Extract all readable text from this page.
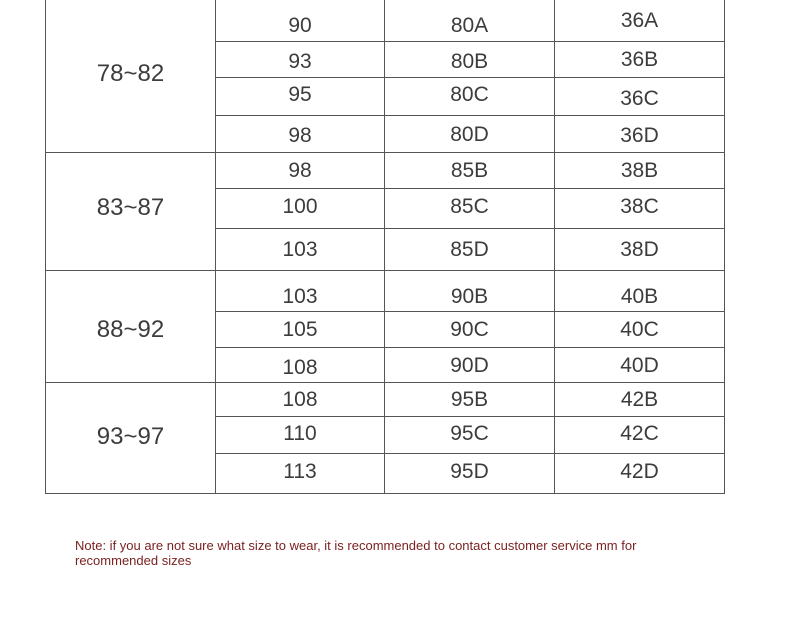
78~82	90	80A	36A
	93	80B	36B
	95	80C	36C
	98	80D	36D
83~87	98	85B	38B
	100	85C	38C
	103	85D	38D
88~92	103	90B	40B
	105	90C	40C
	108	90D	40D
93~97	108	95B	42B
	110	95C	42C
	113	95D	42D
Note: if you are not sure what size to wear, it is recommended to contact customer service mm for recommended sizes
